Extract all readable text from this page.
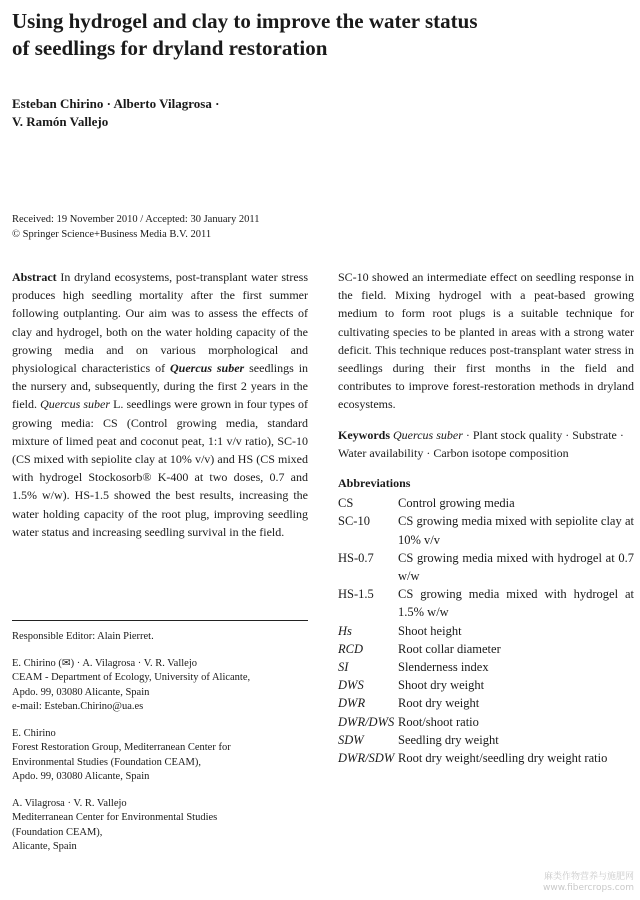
Using hydrogel and clay to improve the water status
of seedlings for dryland restoration
Esteban Chirino · Alberto Vilagrosa ·
V. Ramón Vallejo
Received: 19 November 2010 / Accepted: 30 January 2011
© Springer Science+Business Media B.V. 2011
Abstract In dryland ecosystems, post-transplant water stress produces high seedling mortality after the first summer following outplanting. Our aim was to assess the effects of clay and hydrogel, both on the water holding capacity of the growing media and on various morphological and physiological characteristics of Quercus suber seedlings in the nursery and, subsequently, during the first 2 years in the field. Quercus suber L. seedlings were grown in four types of growing media: CS (Control growing media, standard mixture of limed peat and coconut peat, 1:1 v/v ratio), SC-10 (CS mixed with sepiolite clay at 10% v/v) and HS (CS mixed with hydrogel Stockosorb® K-400 at two doses, 0.7 and 1.5% w/w). HS-1.5 showed the best results, increasing the water holding capacity of the root plug, improving seedling water status and increasing seedling survival in the field.
SC-10 showed an intermediate effect on seedling response in the field. Mixing hydrogel with a peat-based growing medium to form root plugs is a suitable technique for cultivating species to be planted in areas with a strong water deficit. This technique reduces post-transplant water stress in seedlings during their first months in the field and contributes to improve forest-restoration methods in dryland ecosystems.
Keywords Quercus suber · Plant stock quality · Substrate · Water availability · Carbon isotope composition
Abbreviations
CS	Control growing media
SC-10	CS growing media mixed with sepiolite clay at 10% v/v
HS-0.7	CS growing media mixed with hydrogel at 0.7 w/w
HS-1.5	CS growing media mixed with hydrogel at 1.5% w/w
Hs	Shoot height
RCD	Root collar diameter
SI	Slenderness index
DWS	Shoot dry weight
DWR	Root dry weight
DWR/DWS Root/shoot ratio
SDW	Seedling dry weight
DWR/SDW Root dry weight/seedling dry weight ratio
Responsible Editor: Alain Pierret.
E. Chirino (✉) · A. Vilagrosa · V. R. Vallejo
CEAM - Department of Ecology, University of Alicante,
Apdo. 99, 03080 Alicante, Spain
e-mail: Esteban.Chirino@ua.es
E. Chirino
Forest Restoration Group, Mediterranean Center for
Environmental Studies (Foundation CEAM),
Apdo. 99, 03080 Alicante, Spain
A. Vilagrosa · V. R. Vallejo
Mediterranean Center for Environmental Studies
(Foundation CEAM),
Alicante, Spain
麻类作物营养与施肥网
www.fibercrops.com
